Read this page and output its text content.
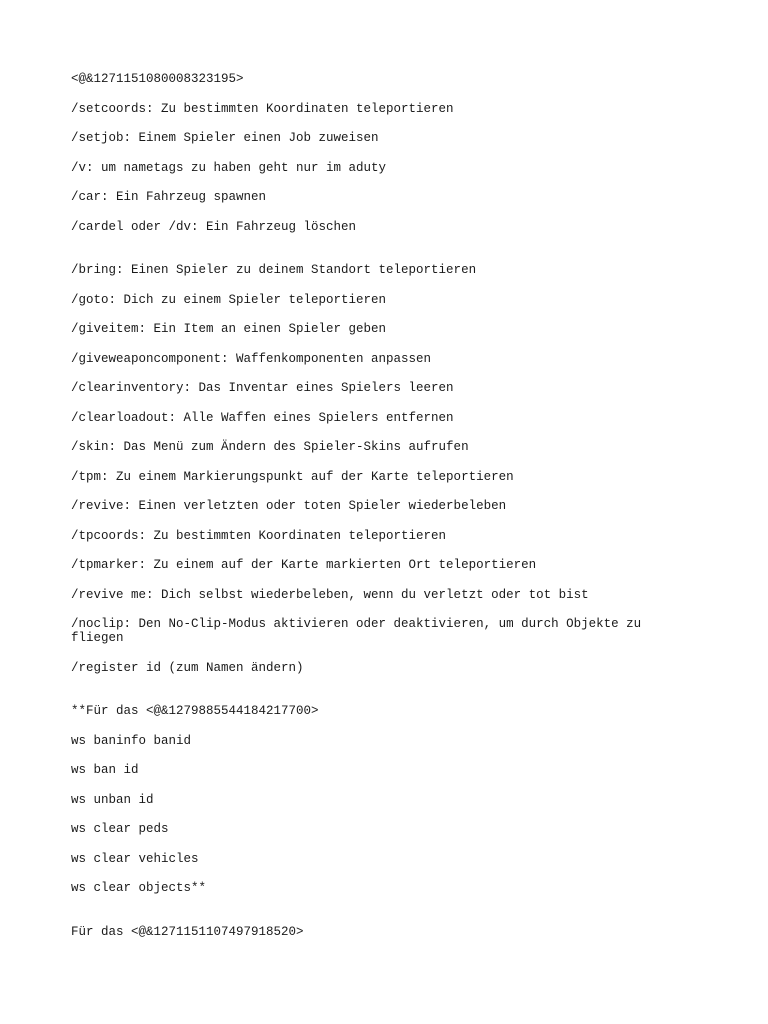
<@&1271151080008323195>
/setcoords: Zu bestimmten Koordinaten teleportieren
/setjob: Einem Spieler einen Job zuweisen
/v: um nametags zu haben geht nur im aduty
/car: Ein Fahrzeug spawnen
/cardel oder /dv: Ein Fahrzeug löschen
/bring: Einen Spieler zu deinem Standort teleportieren
/goto: Dich zu einem Spieler teleportieren
/giveitem: Ein Item an einen Spieler geben
/giveweaponcomponent: Waffenkomponenten anpassen
/clearinventory: Das Inventar eines Spielers leeren
/clearloadout: Alle Waffen eines Spielers entfernen
/skin: Das Menü zum Ändern des Spieler-Skins aufrufen
/tpm: Zu einem Markierungspunkt auf der Karte teleportieren
/revive: Einen verletzten oder toten Spieler wiederbeleben
/tpcoords: Zu bestimmten Koordinaten teleportieren
/tpmarker: Zu einem auf der Karte markierten Ort teleportieren
/revive me: Dich selbst wiederbeleben, wenn du verletzt oder tot bist
/noclip: Den No-Clip-Modus aktivieren oder deaktivieren, um durch Objekte zu fliegen
/register id (zum Namen ändern)
**Für das <@&1279885544184217700>
ws baninfo banid
ws ban id
ws unban id
ws clear peds
ws clear vehicles
ws clear objects**
Für das <@&1271151107497918520>
